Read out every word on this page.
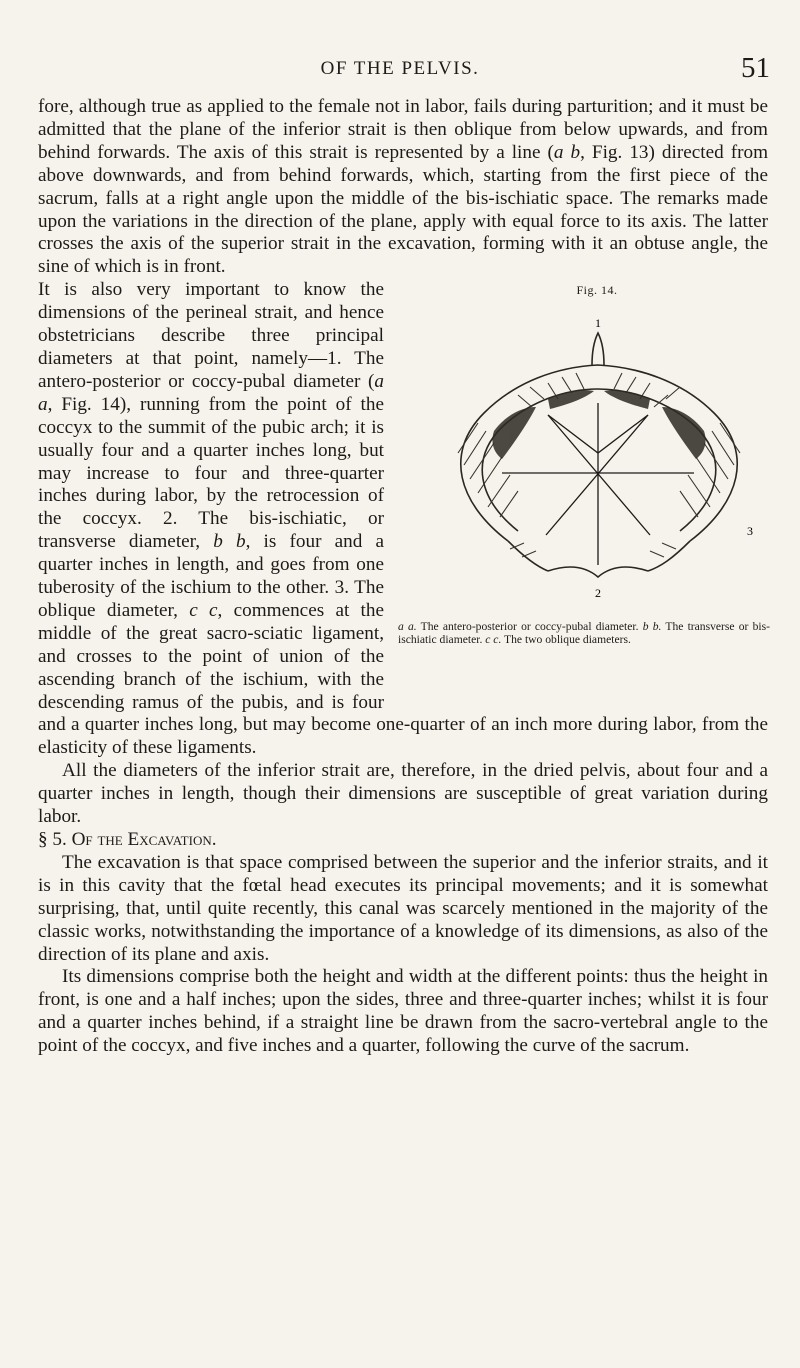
OF THE PELVIS.	51

fore, although true as applied to the female not in labor, fails during parturition; and it must be admitted that the plane of the inferior strait is then oblique from below upwards, and from behind forwards. The axis of this strait is represented by a line (a b, Fig. 13) directed from above downwards, and from behind forwards, which, starting from the first piece of the sacrum, falls at a right angle upon the middle of the bis-ischiatic space. The remarks made upon the variations in the direction of the plane, apply with equal force to its axis. The latter crosses the axis of the superior strait in the excavation, forming with it an obtuse angle, the sine of which is in front.

Fig. 14.
1
3
2
a a. The antero-posterior or coccy-pubal diameter. b b. The transverse or bis-ischiatic diameter. c c. The two oblique diameters.
It is also very important to know the dimensions of the perineal strait, and hence obstetricians describe three principal diameters at that point, namely—1. The antero-posterior or coccy-pubal diameter (a a, Fig. 14), running from the point of the coccyx to the summit of the pubic arch; it is usually four and a quarter inches long, but may increase to four and three-quarter inches during labor, by the retrocession of the coccyx. 2. The bis-ischiatic, or transverse diameter, b b, is four and a quarter inches in length, and goes from one tuberosity of the ischium to the other. 3. The oblique diameter, c c, commences at the middle of the great sacro-sciatic ligament, and crosses to the point of union of the ascending branch of the ischium, with the descending ramus of the pubis, and is four and a quarter inches long, but may become one-quarter of an inch more during labor, from the elasticity of these ligaments.

All the diameters of the inferior strait are, therefore, in the dried pelvis, about four and a quarter inches in length, though their dimensions are susceptible of great variation during labor.

§ 5. Of the Excavation.

The excavation is that space comprised between the superior and the inferior straits, and it is in this cavity that the fœtal head executes its principal movements; and it is somewhat surprising, that, until quite recently, this canal was scarcely mentioned in the majority of the classic works, notwithstanding the importance of a knowledge of its dimensions, as also of the direction of its plane and axis.

Its dimensions comprise both the height and width at the different points: thus the height in front, is one and a half inches; upon the sides, three and three-quarter inches; whilst it is four and a quarter inches behind, if a straight line be drawn from the sacro-vertebral angle to the point of the coccyx, and five inches and a quarter, following the curve of the sacrum.
